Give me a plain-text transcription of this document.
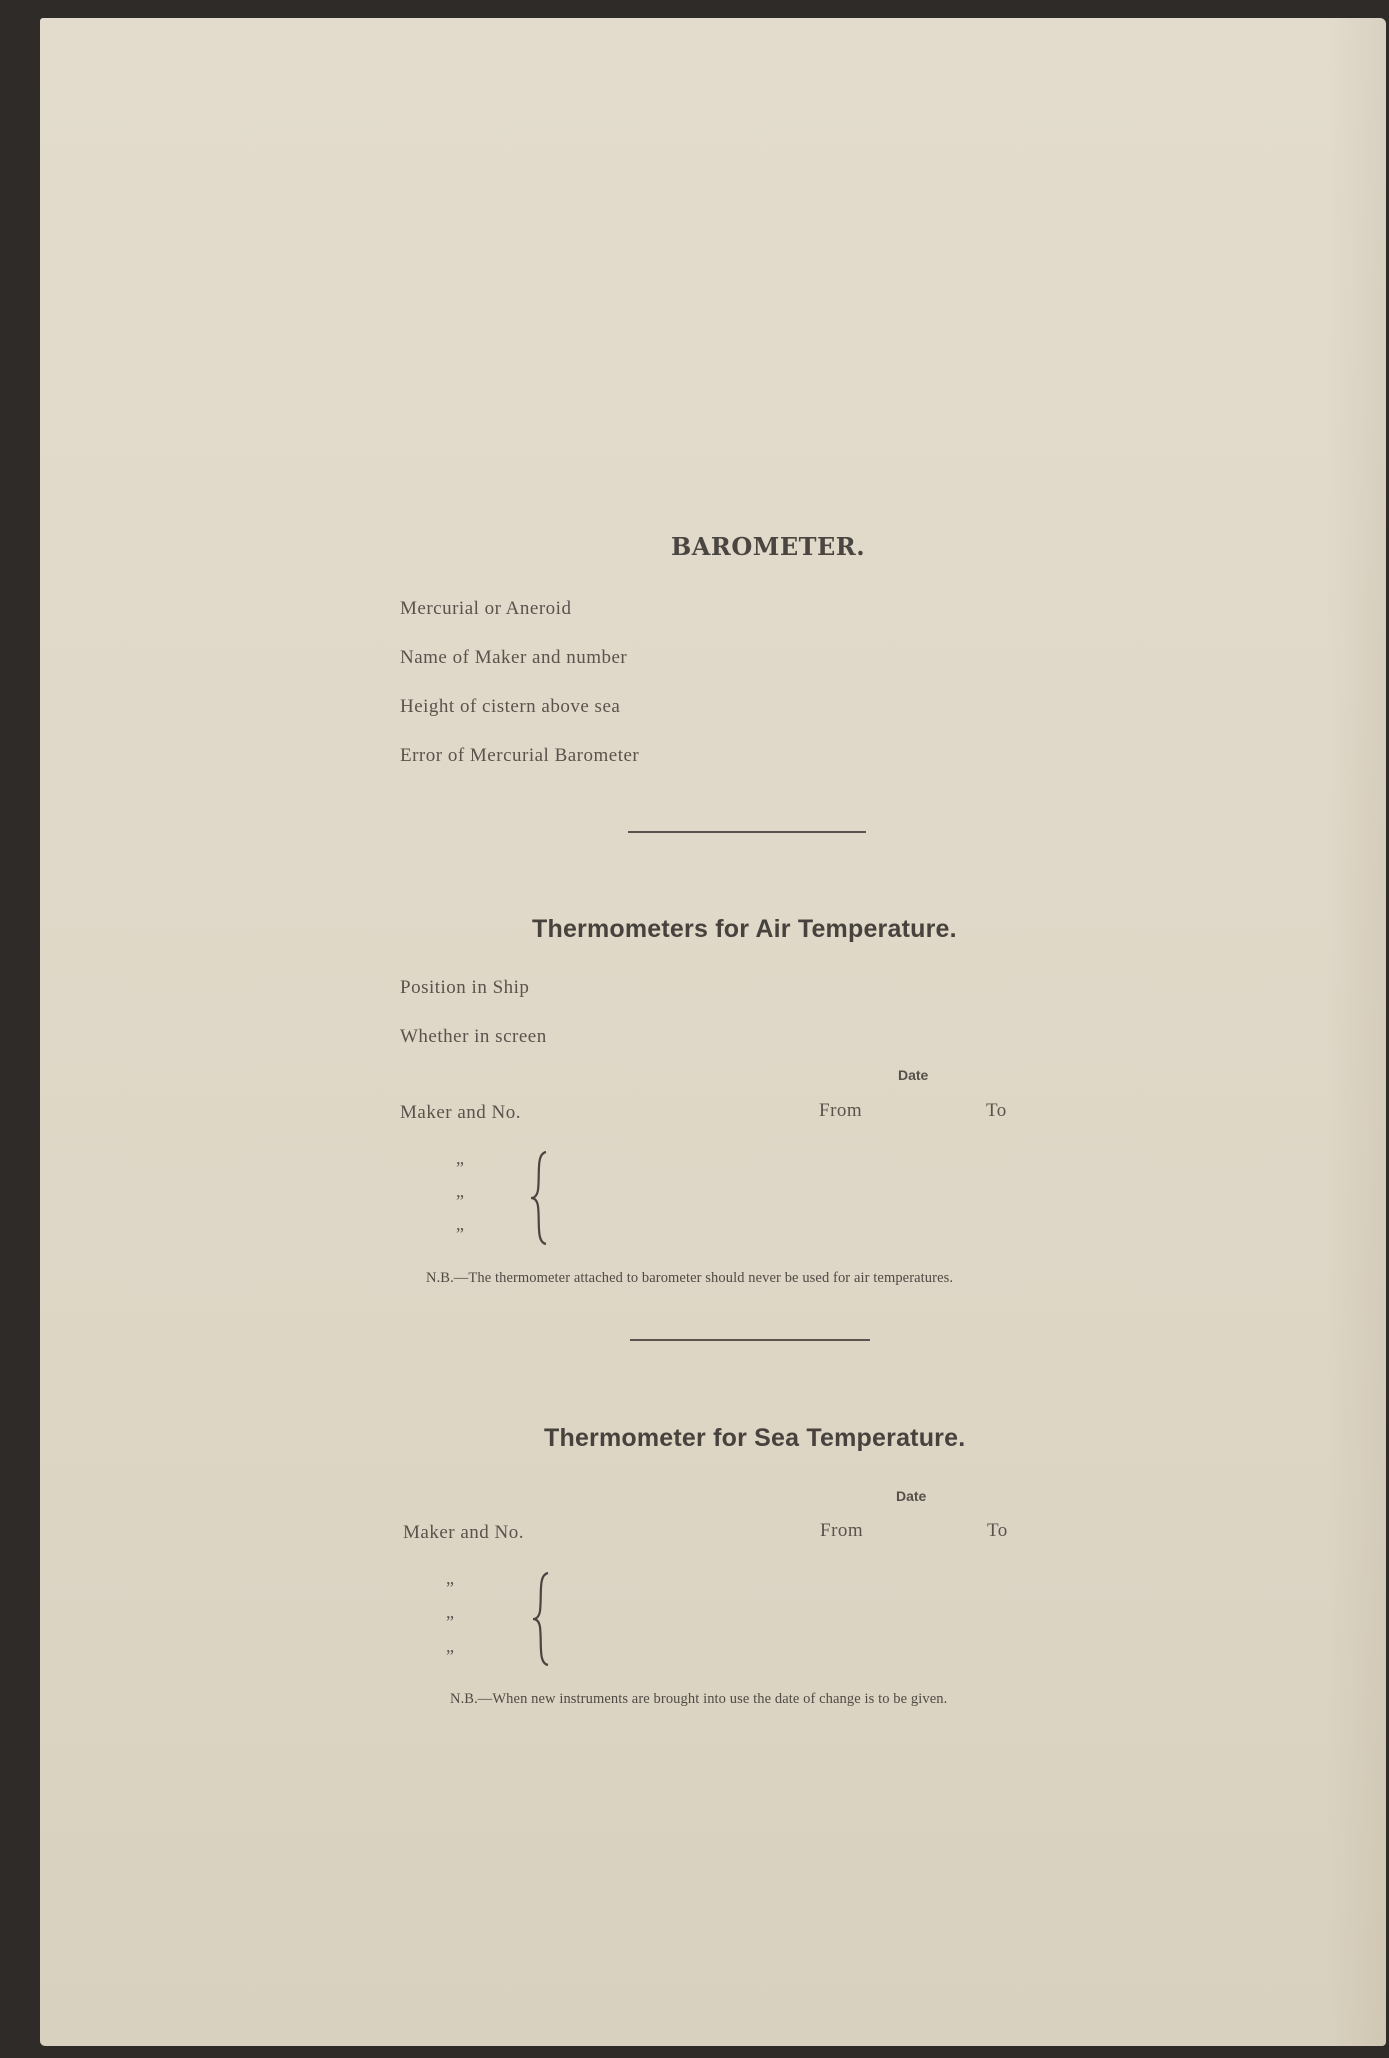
BAROMETER.
Mercurial or Aneroid
Name of Maker and number
Height of cistern above sea
Error of Mercurial Barometer
Thermometers for Air Temperature.
Position in Ship
Whether in screen
Date
Maker and No.	From	To
”
”
”
N.B.—The thermometer attached to barometer should never be used for air temperatures.
Thermometer for Sea Temperature.
Date
Maker and No.	From	To
”
”
”
N.B.—When new instruments are brought into use the date of change is to be given.
